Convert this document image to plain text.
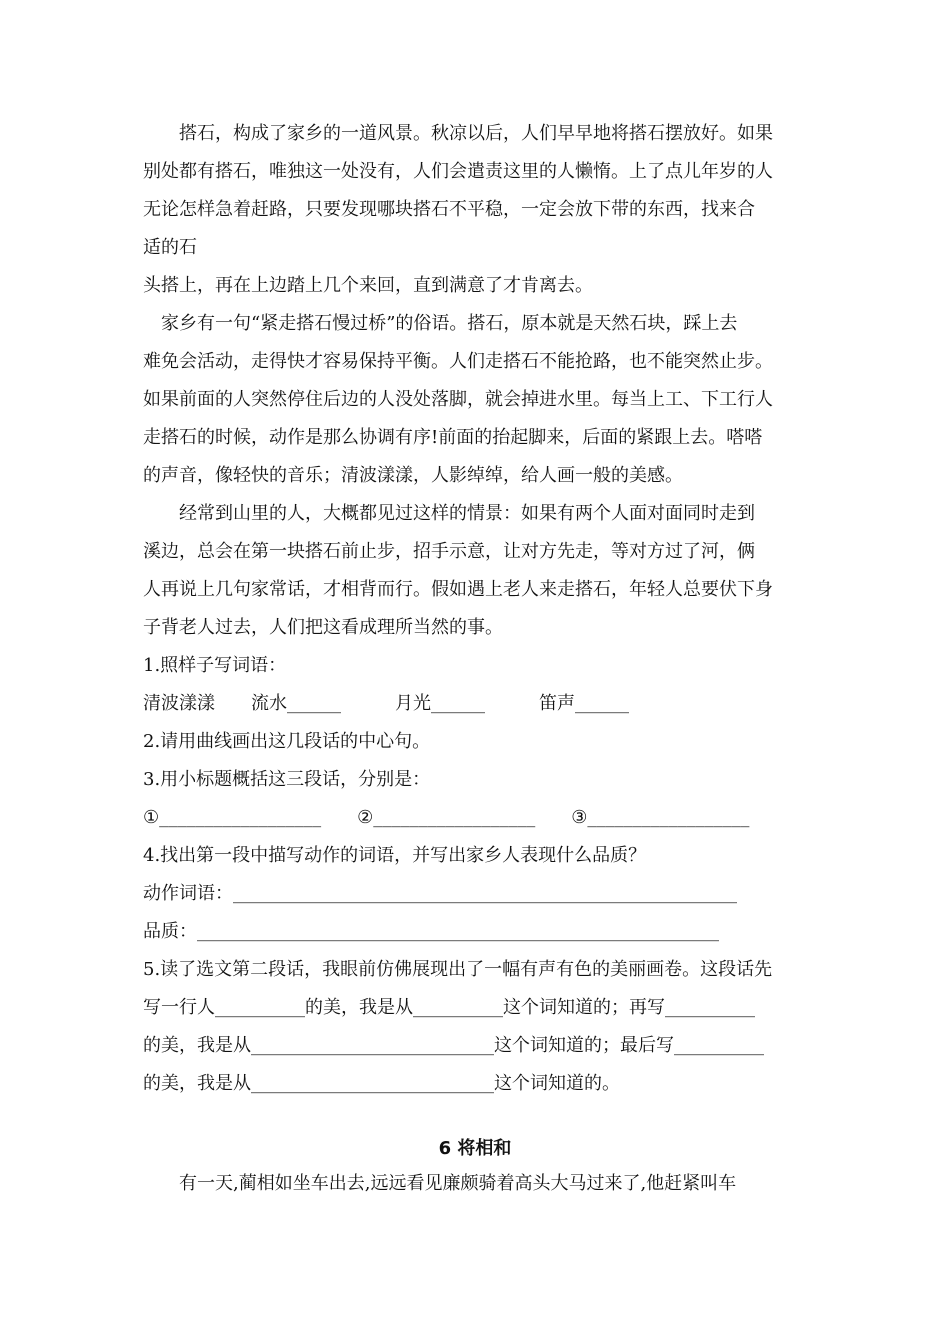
　　搭石，构成了家乡的一道风景。秋凉以后，人们早早地将搭石摆放好。如果
别处都有搭石，唯独这一处没有，人们会遣责这里的人懒惰。上了点儿年岁的人
无论怎样急着赶路，只要发现哪块搭石不平稳，一定会放下带的东西，找来合
适的石
头搭上，再在上边踏上几个来回，直到满意了才肯离去。
　家乡有一句“紧走搭石慢过桥”的俗语。搭石，原本就是天然石块，踩上去
难免会活动，走得快才容易保持平衡。人们走搭石不能抢路，也不能突然止步。
如果前面的人突然停住后边的人没处落脚，就会掉进水里。每当上工、下工行人
走搭石的时候，动作是那么协调有序!前面的抬起脚来，后面的紧跟上去。嗒嗒
的声音，像轻快的音乐；清波漾漾，人影绰绰，给人画一般的美感。
　　经常到山里的人，大概都见过这样的情景：如果有两个人面对面同时走到
溪边，总会在第一块搭石前止步，招手示意，让对方先走，等对方过了河，俩
人再说上几句家常话，才相背而行。假如遇上老人来走搭石，年轻人总要伏下身
子背老人过去，人们把这看成理所当然的事。
1.照样子写词语：
清波漾漾　　流水______　　　月光______　　　笛声______
2.请用曲线画出这几段话的中心句。
3.用小标题概括这三段话，分别是：
①__________________　　②__________________　　③__________________
4.找出第一段中描写动作的词语，并写出家乡人表现什么品质？
动作词语：________________________________________________________
品质：__________________________________________________________
5.读了选文第二段话，我眼前仿佛展现出了一幅有声有色的美丽画卷。这段话先
写一行人__________的美，我是从__________这个词知道的；再写__________
的美，我是从___________________________这个词知道的；最后写__________
的美，我是从___________________________这个词知道的。
6 将相和
　　有一天,蔺相如坐车出去,远远看见廉颇骑着高头大马过来了,他赶紧叫车
